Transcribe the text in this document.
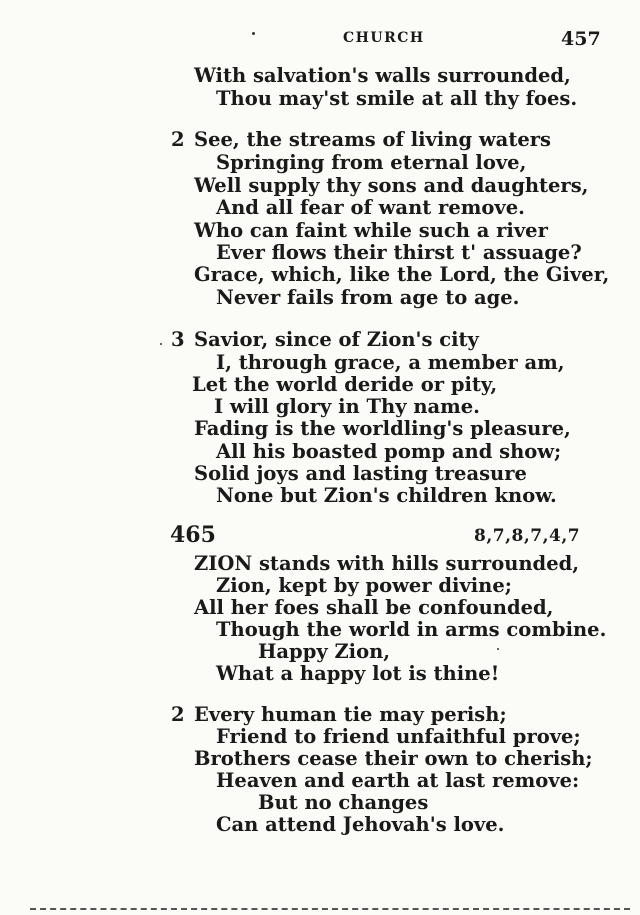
CHURCH	457
With salvation's walls surrounded,
Thou may'st smile at all thy foes.
2 See, the streams of living waters
Springing from eternal love,
Well supply thy sons and daughters,
And all fear of want remove.
Who can faint while such a river
Ever flows their thirst t' assuage?
Grace, which, like the Lord, the Giver,
Never fails from age to age.
3 Savior, since of Zion's city
I, through grace, a member am,
Let the world deride or pity,
I will glory in Thy name.
Fading is the worldling's pleasure,
All his boasted pomp and show;
Solid joys and lasting treasure
None but Zion's children know.
465	8,7,8,7,4,7
ZION stands with hills surrounded,
Zion, kept by power divine;
All her foes shall be confounded,
Though the world in arms combine.
Happy Zion,
What a happy lot is thine!
2 Every human tie may perish;
Friend to friend unfaithful prove;
Brothers cease their own to cherish;
Heaven and earth at last remove:
But no changes
Can attend Jehovah's love.
